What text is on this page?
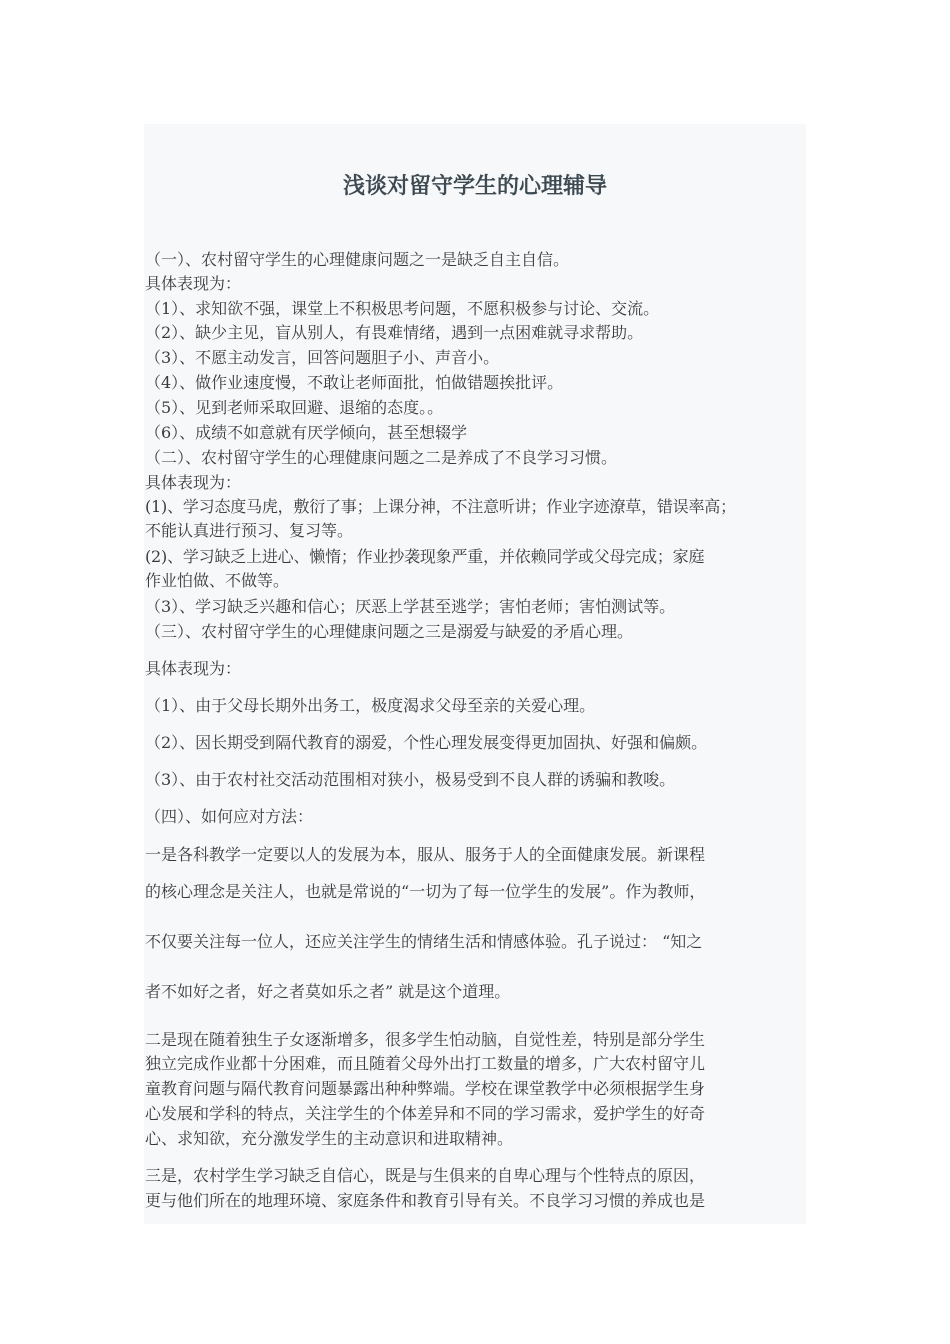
浅谈对留守学生的心理辅导
（一）、农村留守学生的心理健康问题之一是缺乏自主自信。
具体表现为：
（1）、求知欲不强，课堂上不积极思考问题，不愿积极参与讨论、交流。
（2）、缺少主见，盲从别人，有畏难情绪，遇到一点困难就寻求帮助。
（3）、不愿主动发言，回答问题胆子小、声音小。
（4）、做作业速度慢，不敢让老师面批，怕做错题挨批评。
（5）、见到老师采取回避、退缩的态度。。
（6）、成绩不如意就有厌学倾向，甚至想辍学
（二）、农村留守学生的心理健康问题之二是养成了不良学习习惯。
具体表现为：
(1)、学习态度马虎，敷衍了事；上课分神，不注意听讲；作业字迹潦草，错误率高；
不能认真进行预习、复习等。
(2)、学习缺乏上进心、懒惰；作业抄袭现象严重，并依赖同学或父母完成；家庭
作业怕做、不做等。
（3）、学习缺乏兴趣和信心；厌恶上学甚至逃学；害怕老师；害怕测试等。
（三）、农村留守学生的心理健康问题之三是溺爱与缺爱的矛盾心理。
具体表现为：
（1）、由于父母长期外出务工，极度渴求父母至亲的关爱心理。
（2）、因长期受到隔代教育的溺爱，个性心理发展变得更加固执、好强和偏颇。
（3）、由于农村社交活动范围相对狭小，极易受到不良人群的诱骗和教唆。
（四）、如何应对方法：
一是各科教学一定要以人的发展为本，服从、服务于人的全面健康发展。新课程
的核心理念是关注人，也就是常说的“一切为了每一位学生的发展”。作为教师，
不仅要关注每一位人，还应关注学生的情绪生活和情感体验。孔子说过： “知之
者不如好之者，好之者莫如乐之者” 就是这个道理。
二是现在随着独生子女逐渐增多，很多学生怕动脑，自觉性差，特别是部分学生
独立完成作业都十分困难，而且随着父母外出打工数量的增多，广大农村留守儿
童教育问题与隔代教育问题暴露出种种弊端。学校在课堂教学中必须根据学生身
心发展和学科的特点，关注学生的个体差异和不同的学习需求，爱护学生的好奇
心、求知欲，充分激发学生的主动意识和进取精神。
三是，农村学生学习缺乏自信心，既是与生俱来的自卑心理与个性特点的原因，
更与他们所在的地理环境、家庭条件和教育引导有关。不良学习习惯的养成也是
